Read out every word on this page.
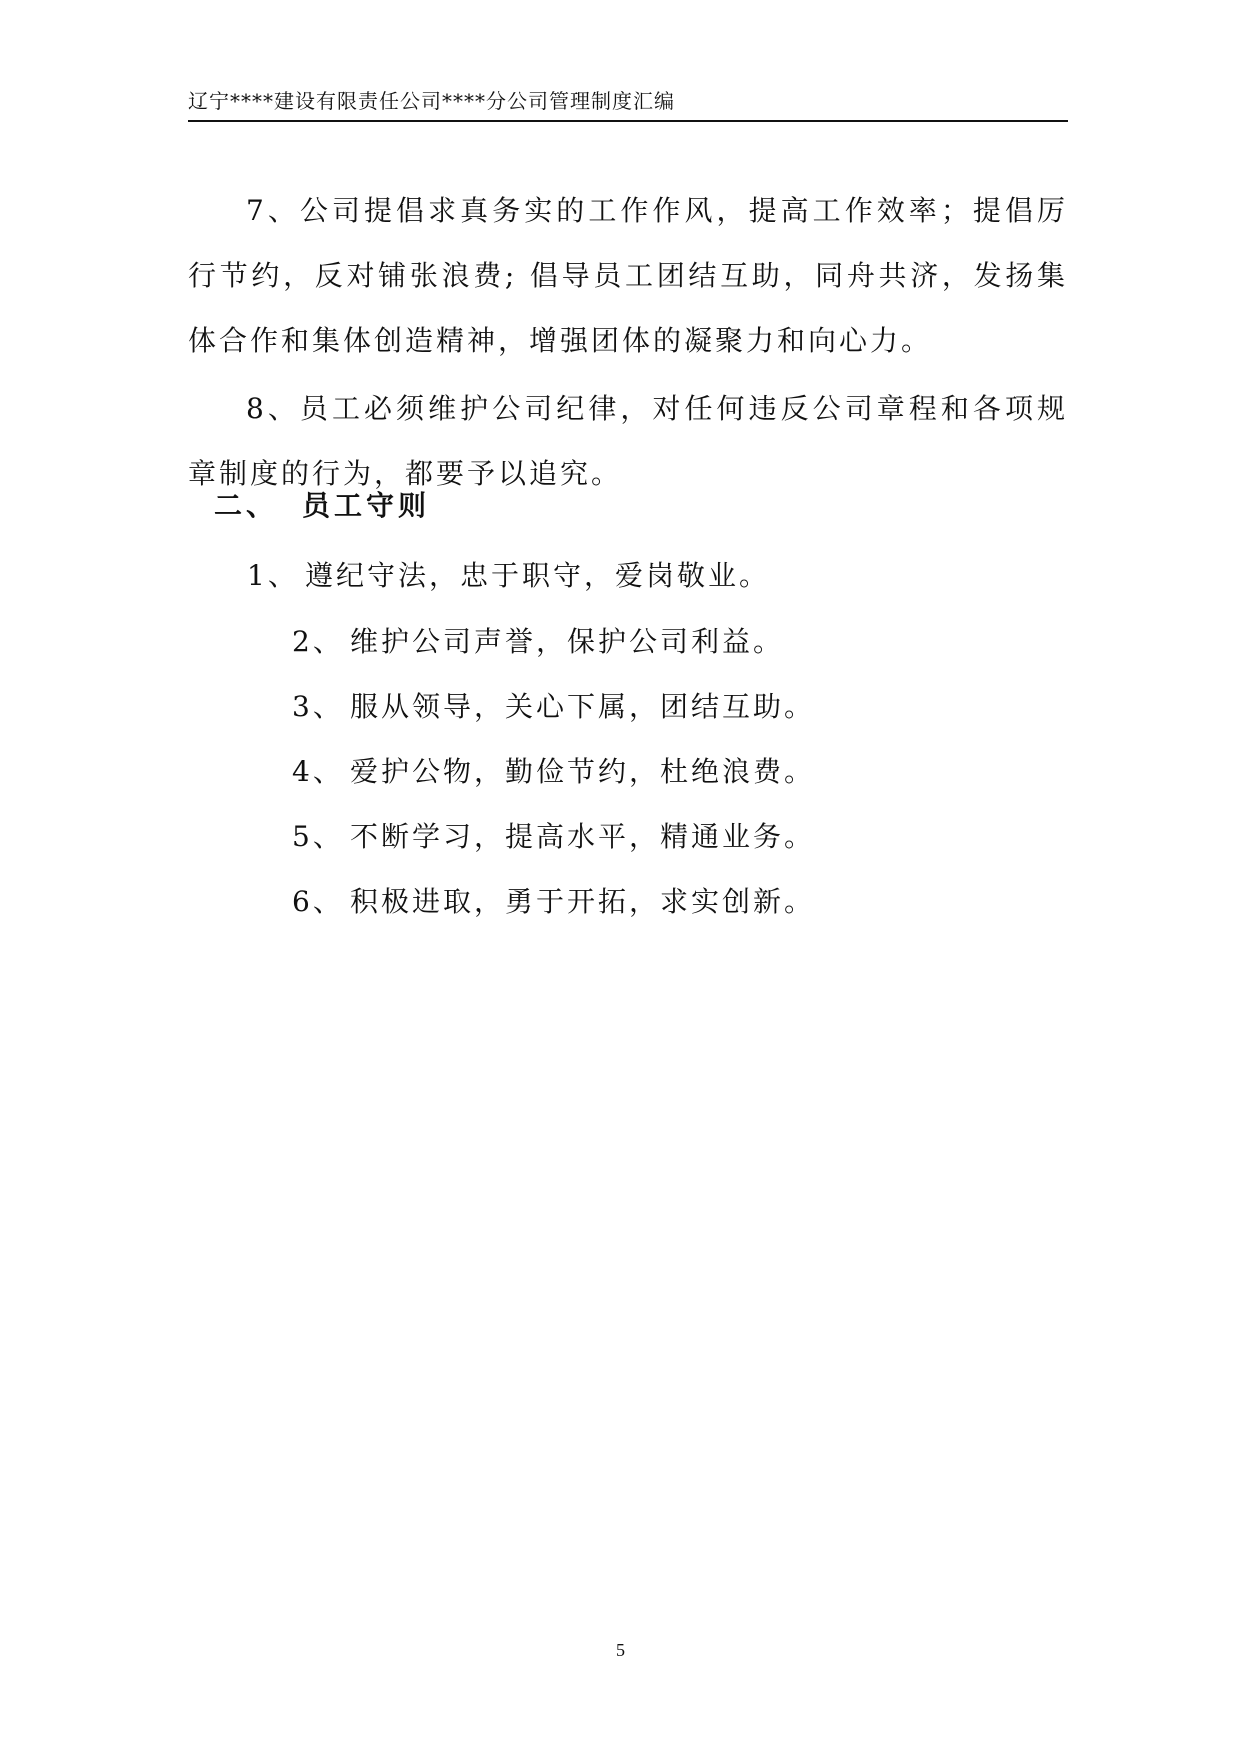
辽宁****建设有限责任公司****分公司管理制度汇编

7、公司提倡求真务实的工作作风，提高工作效率；提倡厉行节约，反对铺张浪费; 倡导员工团结互助，同舟共济，发扬集体合作和集体创造精神，增强团体的凝聚力和向心力。

8、员工必须维护公司纪律，对任何违反公司章程和各项规章制度的行为，都要予以追究。

二、 员工守则
1、 遵纪守法，忠于职守，爱岗敬业。
2、 维护公司声誉，保护公司利益。
3、 服从领导，关心下属，团结互助。
4、 爱护公物，勤俭节约，杜绝浪费。
5、 不断学习，提高水平，精通业务。
6、 积极进取，勇于开拓，求实创新。
5
